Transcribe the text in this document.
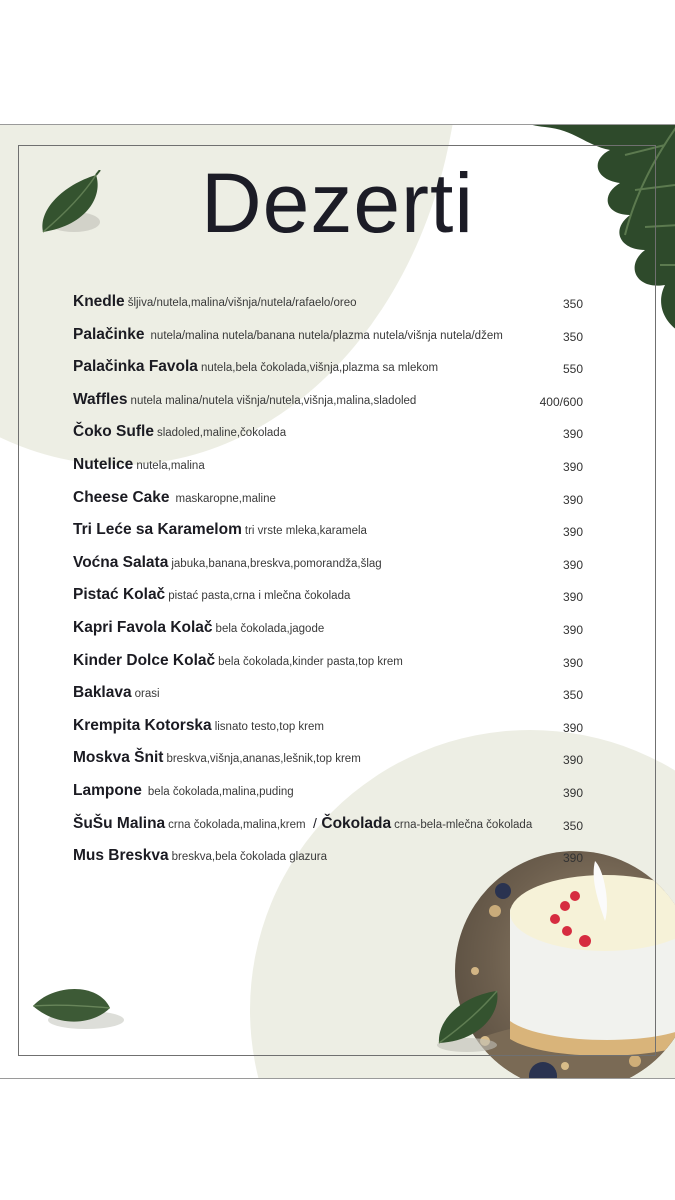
Dezerti
Knedle šljiva/nutela,malina/višnja/nutela/rafaelo/oreo	350
Palačinke nutela/malina nutela/banana nutela/plazma nutela/višnja nutela/džem	350
Palačinka Favola nutela,bela čokolada,višnja,plazma sa mlekom	550
Waffles nutela malina/nutela višnja/nutela,višnja,malina,sladoled	400/600
Čoko Sufle sladoled,maline,čokolada	390
Nutelice nutela,malina	390
Cheese Cake maskaropne,maline	390
Tri Leće sa Karamelom tri vrste mleka,karamela	390
Voćna Salata jabuka,banana,breskva,pomorandža,šlag	390
Pistać Kolač pistać pasta,crna i mlečna čokolada	390
Kapri Favola Kolač bela čokolada,jagode	390
Kinder Dolce Kolač bela čokolada,kinder pasta,top krem	390
Baklava orasi	350
Krempita Kotorska lisnato testo,top krem	390
Moskva Šnit breskva,višnja,ananas,lešnik,top krem	390
Lampone bela čokolada,malina,puding	390
ŠuŠu Malina crna čokolada,malina,krem / Čokolada crna-bela-mlečna čokolada	350
Mus Breskva breskva,bela čokolada glazura	390
